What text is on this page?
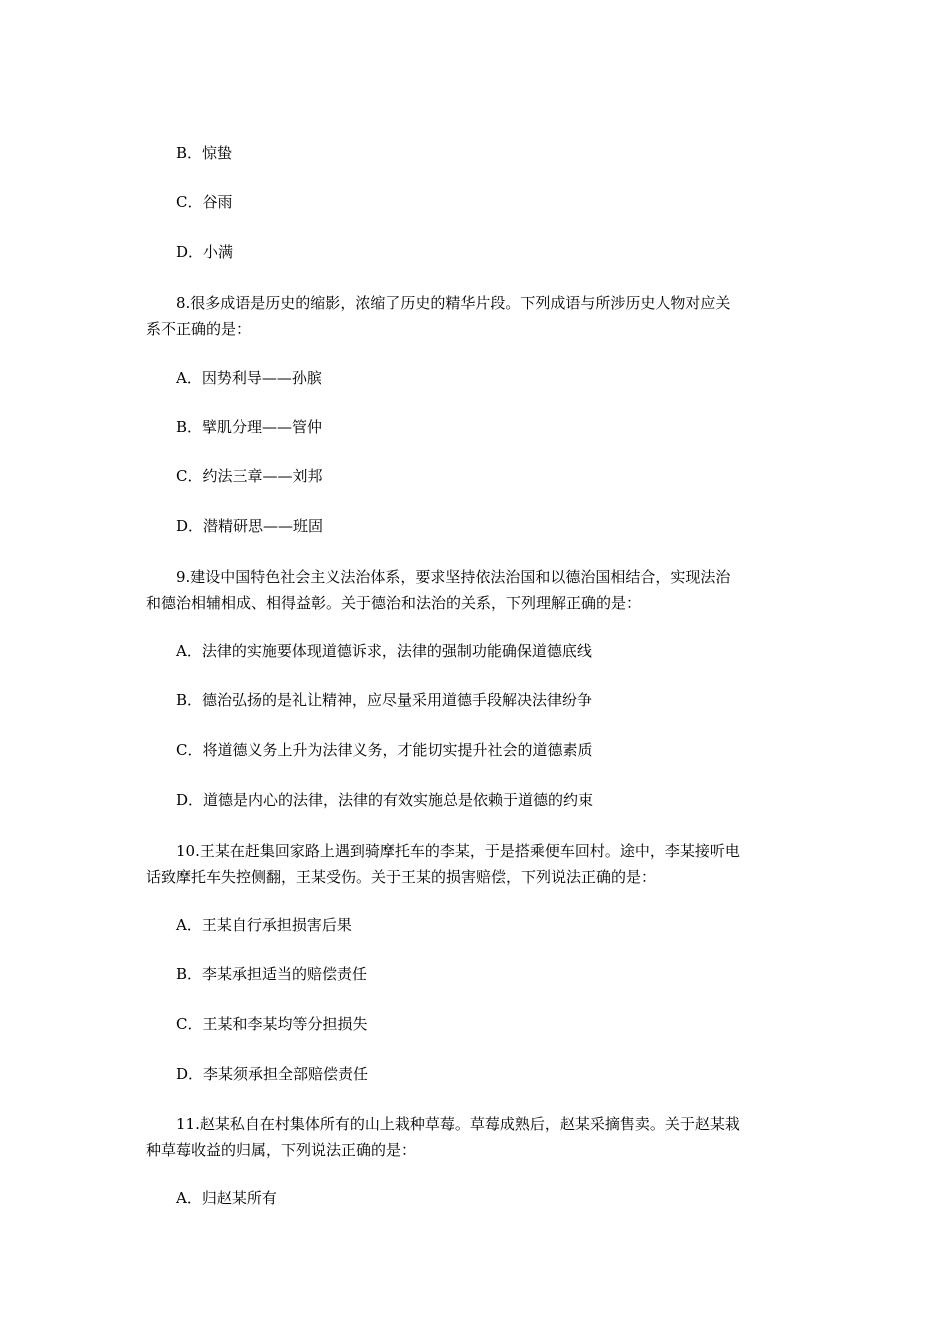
B．惊蛰
C．谷雨
D．小满
8.很多成语是历史的缩影，浓缩了历史的精华片段。下列成语与所涉历史人物对应关
系不正确的是：
A．因势利导——孙膑
B．擘肌分理——管仲
C．约法三章——刘邦
D．潜精研思——班固
9.建设中国特色社会主义法治体系，要求坚持依法治国和以德治国相结合，实现法治
和德治相辅相成、相得益彰。关于德治和法治的关系，下列理解正确的是：
A．法律的实施要体现道德诉求，法律的强制功能确保道德底线
B．德治弘扬的是礼让精神，应尽量采用道德手段解决法律纷争
C．将道德义务上升为法律义务，才能切实提升社会的道德素质
D．道德是内心的法律，法律的有效实施总是依赖于道德的约束
10.王某在赶集回家路上遇到骑摩托车的李某，于是搭乘便车回村。途中，李某接听电
话致摩托车失控侧翻，王某受伤。关于王某的损害赔偿，下列说法正确的是：
A．王某自行承担损害后果
B．李某承担适当的赔偿责任
C．王某和李某均等分担损失
D．李某须承担全部赔偿责任
11.赵某私自在村集体所有的山上栽种草莓。草莓成熟后，赵某采摘售卖。关于赵某栽
种草莓收益的归属，下列说法正确的是：
A．归赵某所有
